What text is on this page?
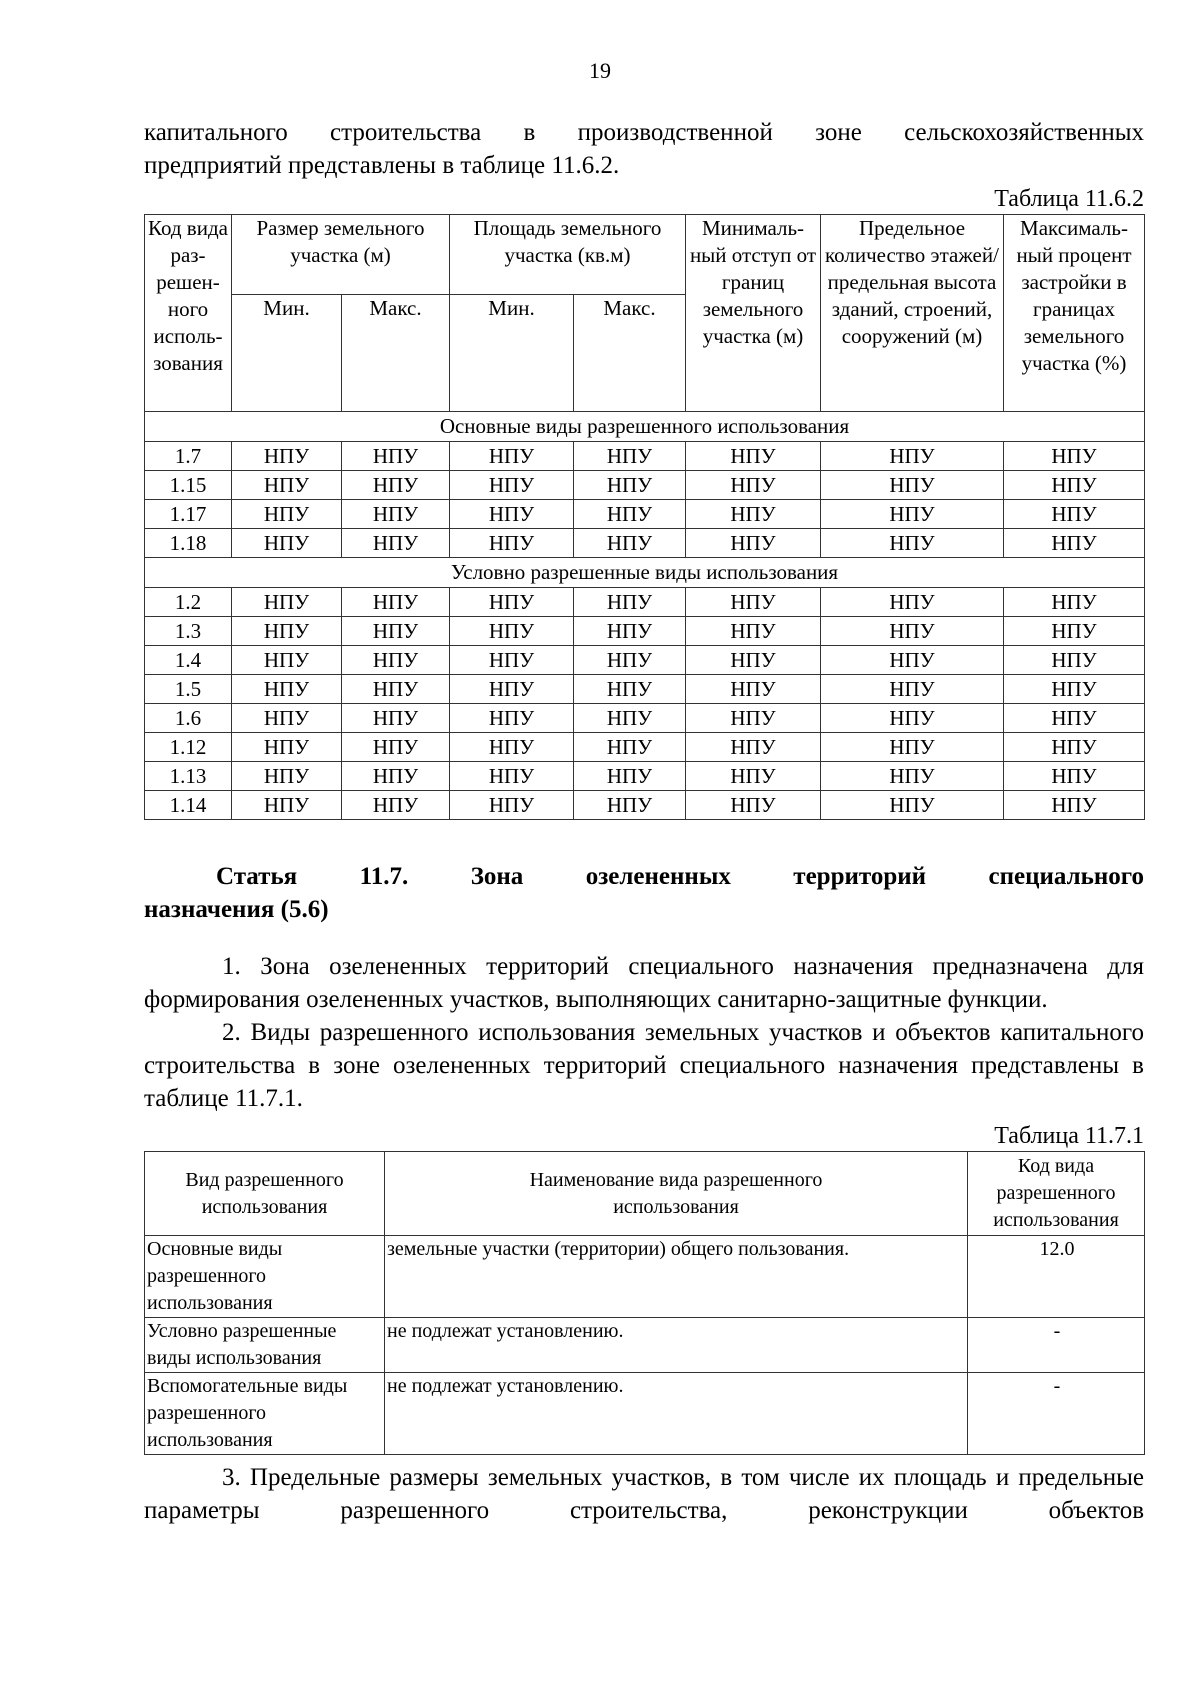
19

капитального строительства в производственной зоне сельскохозяйственных

предприятий представлены в таблице 11.6.2.

Таблица 11.6.2

Код вида раз-решен-ного исполь-зования	Размер земельного участка (м)		Площадь земельного участка (кв.м)		Минималь-ный отступ от границ земельного участка (м)	Предельное количество этажей/ предельная высота зданий, строений, сооружений (м)	Максималь-ный процент застройки в границах земельного участка (%)
	Мин.	Макс.	Мин.	Макс.			
Основные виды разрешенного использования							
1.7	НПУ	НПУ	НПУ	НПУ	НПУ	НПУ	НПУ
1.15	НПУ	НПУ	НПУ	НПУ	НПУ	НПУ	НПУ
1.17	НПУ	НПУ	НПУ	НПУ	НПУ	НПУ	НПУ
1.18	НПУ	НПУ	НПУ	НПУ	НПУ	НПУ	НПУ
Условно разрешенные виды использования							
1.2	НПУ	НПУ	НПУ	НПУ	НПУ	НПУ	НПУ
1.3	НПУ	НПУ	НПУ	НПУ	НПУ	НПУ	НПУ
1.4	НПУ	НПУ	НПУ	НПУ	НПУ	НПУ	НПУ
1.5	НПУ	НПУ	НПУ	НПУ	НПУ	НПУ	НПУ
1.6	НПУ	НПУ	НПУ	НПУ	НПУ	НПУ	НПУ
1.12	НПУ	НПУ	НПУ	НПУ	НПУ	НПУ	НПУ
1.13	НПУ	НПУ	НПУ	НПУ	НПУ	НПУ	НПУ
1.14	НПУ	НПУ	НПУ	НПУ	НПУ	НПУ	НПУ

Статья 11.7. Зона озелененных территорий специального

назначения (5.6)

1. Зона озелененных территорий специального назначения предназначена для формирования озелененных участков, выполняющих санитарно-защитные функции.

2. Виды разрешенного использования земельных участков и объектов капитального строительства в зоне озелененных территорий специального назначения представлены в таблице 11.7.1.

Таблица 11.7.1

Вид разрешенного использования	Наименование вида разрешенного использования	Код вида разрешенного использования
Основные виды разрешенного использования	земельные участки (территории) общего пользования.	12.0
Условно разрешенные виды использования	не подлежат установлению.	-
Вспомогательные виды разрешенного использования	не подлежат установлению.	-

3. Предельные размеры земельных участков, в том числе их площадь и предельные параметры разрешенного строительства, реконструкции объектов
